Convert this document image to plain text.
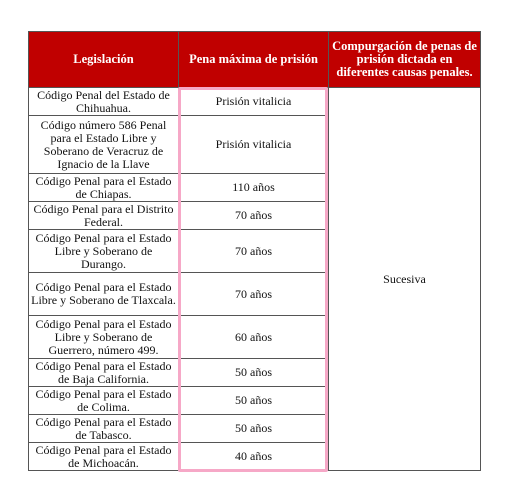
Legislación	Pena máxima de prisión	Compurgación de penas de prisión dictada en diferentes causas penales.
Código Penal del Estado de Chihuahua.	Prisión vitalicia	Sucesiva
Código número 586 Penal para el Estado Libre y Soberano de Veracruz de Ignacio de la Llave	Prisión vitalicia	
Código Penal para el Estado de Chiapas.	110 años	
Código Penal para el Distrito Federal.	70 años	
Código Penal para el Estado Libre y Soberano de Durango.	70 años	
Código Penal para el Estado Libre y Soberano de Tlaxcala.	70 años	
Código Penal para el Estado Libre y Soberano de Guerrero, número 499.	60 años	
Código Penal para el Estado de Baja California.	50 años	
Código Penal para el Estado de Colima.	50 años	
Código Penal para el Estado de Tabasco.	50 años	
Código Penal para el Estado de Michoacán.	40 años	
